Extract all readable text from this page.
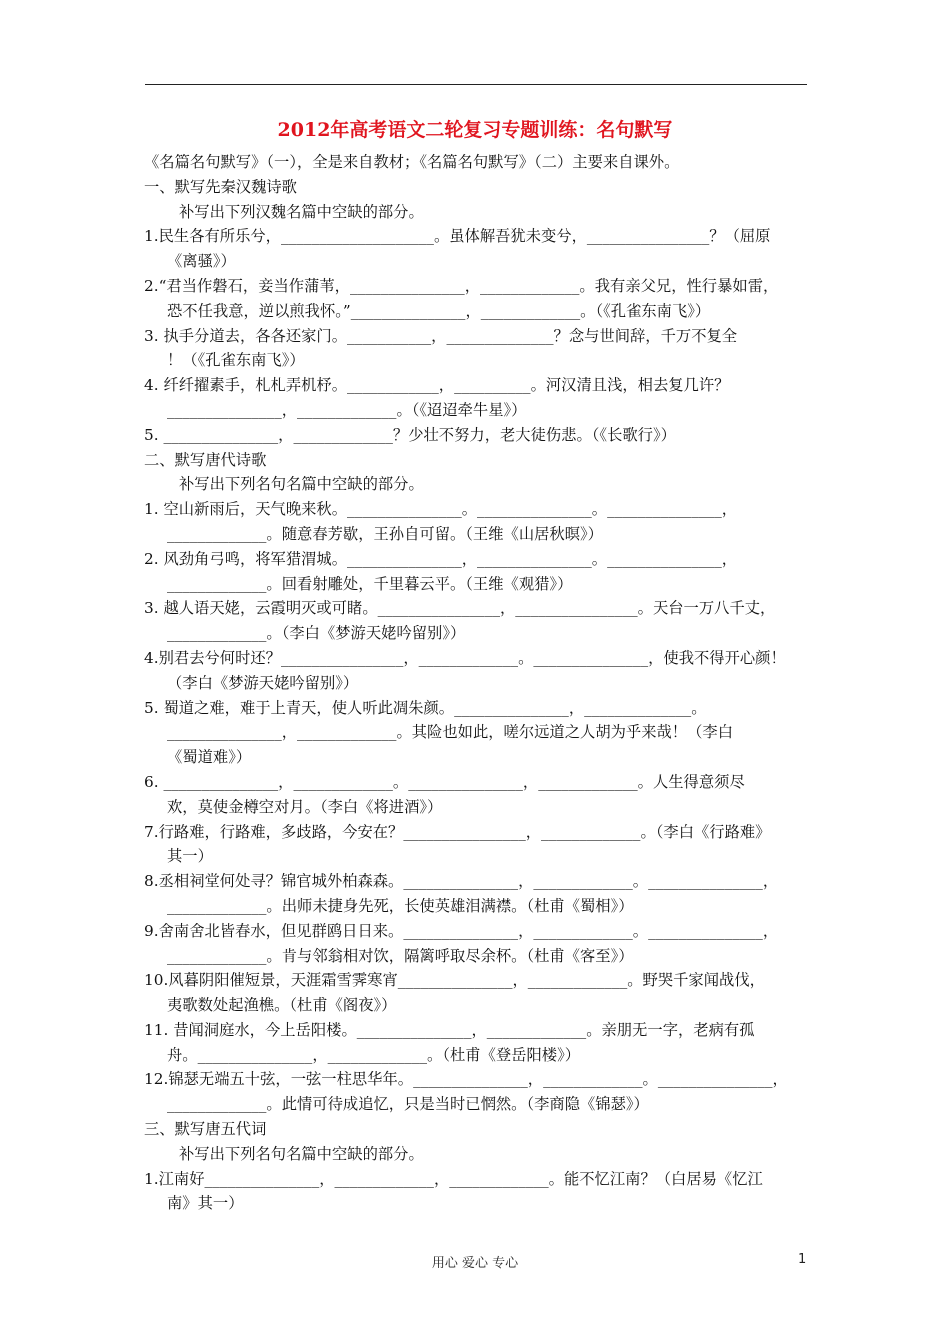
2012年高考语文二轮复习专题训练：名句默写
《名篇名句默写》（一），全是来自教材；《名篇名句默写》（二）主要来自课外。
一、默写先秦汉魏诗歌
补写出下列汉魏名篇中空缺的部分。
1.民生各有所乐兮，____________________。虽体解吾犹未变兮，________________？（屈原
《离骚》）
2.“君当作磐石，妾当作蒲苇，_______________，_____________。我有亲父兄，性行暴如雷，
恐不任我意，逆以煎我怀。”_______________，_____________。（《孔雀东南飞》）
3. 执手分道去，各各还家门。___________，______________？念与世间辞，千万不复全
！（《孔雀东南飞》）
4. 纤纤擢素手，札札弄机杼。____________，__________。河汉清且浅，相去复几许？
_______________，_____________。（《迢迢牵牛星》）
5. _______________，_____________？少壮不努力，老大徒伤悲。（《长歌行》）
二、默写唐代诗歌
补写出下列名句名篇中空缺的部分。
1. 空山新雨后，天气晚来秋。_______________。_______________。_______________，
_____________。随意春芳歇，王孙自可留。（王维《山居秋暝》）
2. 风劲角弓鸣，将军猎渭城。_______________，_______________。_______________，
_____________。回看射雕处，千里暮云平。（王维《观猎》）
3. 越人语天姥，云霞明灭或可睹。________________，________________。天台一万八千丈，
_____________。（李白《梦游天姥吟留别》）
4.别君去兮何时还？________________，_____________。_______________，使我不得开心颜！
（李白《梦游天姥吟留别》）
5. 蜀道之难，难于上青天，使人听此凋朱颜。_______________，______________。
_______________，_____________。其险也如此，嗟尔远道之人胡为乎来哉！（李白
《蜀道难》）
6. _______________，_____________。_______________，_____________。人生得意须尽
欢，莫使金樽空对月。（李白《将进酒》）
7.行路难，行路难，多歧路，今安在？________________，_____________。（李白《行路难》
其一）
8.丞相祠堂何处寻？锦官城外柏森森。_______________，_____________。_______________，
_____________。出师未捷身先死，长使英雄泪满襟。（杜甫《蜀相》）
9.舍南舍北皆春水，但见群鸥日日来。_______________，_____________。_______________，
_____________。肯与邻翁相对饮，隔篱呼取尽余杯。（杜甫《客至》）
10.风暮阴阳催短景，天涯霜雪霁寒宵_______________，_____________。野哭千家闻战伐，
夷歌数处起渔樵。（杜甫《阁夜》）
11. 昔闻洞庭水，今上岳阳楼。_______________，_____________。亲朋无一字，老病有孤
舟。_______________，_____________。（杜甫《登岳阳楼》）
12.锦瑟无端五十弦，一弦一柱思华年。_______________，_____________。_______________，
_____________。此情可待成追忆，只是当时已惘然。（李商隐《锦瑟》）
三、默写唐五代词
补写出下列名句名篇中空缺的部分。
1.江南好_______________，_____________，_____________。能不忆江南？（白居易《忆江
南》其一）
用心 爱心 专心	1
